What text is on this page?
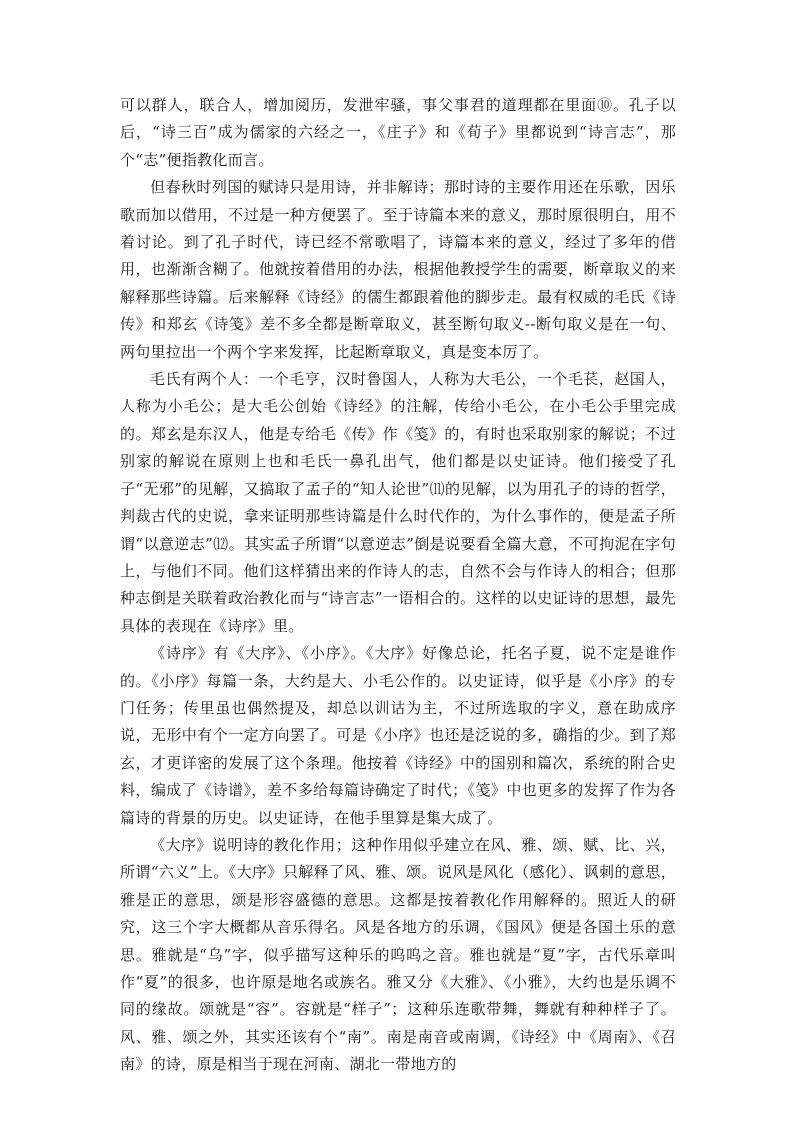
可以群人，联合人，增加阅历，发泄牢骚，事父事君的道理都在里面⑩。孔子以后，“诗三百”成为儒家的六经之一，《庄子》和《荀子》里都说到“诗言志”，那个“志”便指教化而言。

但春秋时列国的赋诗只是用诗，并非解诗；那时诗的主要作用还在乐歌，因乐歌而加以借用，不过是一种方便罢了。至于诗篇本来的意义，那时原很明白，用不着讨论。到了孔子时代，诗已经不常歌唱了，诗篇本来的意义，经过了多年的借用，也渐渐含糊了。他就按着借用的办法，根据他教授学生的需要，断章取义的来解释那些诗篇。后来解释《诗经》的儒生都跟着他的脚步走。最有权威的毛氏《诗传》和郑玄《诗笺》差不多全都是断章取义，甚至断句取义--断句取义是在一句、两句里拉出一个两个字来发挥，比起断章取义，真是变本厉了。

毛氏有两个人：一个毛亨，汉时鲁国人，人称为大毛公，一个毛苌，赵国人，人称为小毛公；是大毛公创始《诗经》的注解，传给小毛公，在小毛公手里完成的。郑玄是东汉人，他是专给毛《传》作《笺》的，有时也采取别家的解说；不过别家的解说在原则上也和毛氏一鼻孔出气，他们都是以史证诗。他们接受了孔子“无邪”的见解，又搞取了孟子的“知人论世”⑾的见解，以为用孔子的诗的哲学，判裁古代的史说，拿来证明那些诗篇是什么时代作的，为什么事作的，便是孟子所谓“以意逆志”⑿。其实孟子所谓“以意逆志”倒是说要看全篇大意，不可拘泥在字句上，与他们不同。他们这样猜出来的作诗人的志，自然不会与作诗人的相合；但那种志倒是关联着政治教化而与“诗言志”一语相合的。这样的以史证诗的思想，最先具体的表现在《诗序》里。

《诗序》有《大序》、《小序》。《大序》好像总论，托名子夏，说不定是谁作的。《小序》每篇一条，大约是大、小毛公作的。以史证诗，似乎是《小序》的专门任务；传里虽也偶然提及，却总以训诂为主，不过所选取的字义，意在助成序说，无形中有个一定方向罢了。可是《小序》也还是泛说的多，确指的少。到了郑玄，才更详密的发展了这个条理。他按着《诗经》中的国别和篇次，系统的附合史料，编成了《诗谱》，差不多给每篇诗确定了时代；《笺》中也更多的发挥了作为各篇诗的背景的历史。以史证诗，在他手里算是集大成了。

《大序》说明诗的教化作用；这种作用似乎建立在风、雅、颂、赋、比、兴，所谓“六义”上。《大序》只解释了风、雅、颂。说风是风化（感化）、讽刺的意思，雅是正的意思，颂是形容盛德的意思。这都是按着教化作用解释的。照近人的研究，这三个字大概都从音乐得名。风是各地方的乐调，《国风》便是各国土乐的意思。雅就是“乌”字，似乎描写这种乐的呜呜之音。雅也就是“夏”字，古代乐章叫作“夏”的很多，也许原是地名或族名。雅又分《大雅》、《小雅》，大约也是乐调不同的缘故。颂就是“容”。容就是“样子”；这种乐连歌带舞，舞就有种种样子了。风、雅、颂之外，其实还该有个“南”。南是南音或南调，《诗经》中《周南》、《召南》的诗，原是相当于现在河南、湖北一带地方的
